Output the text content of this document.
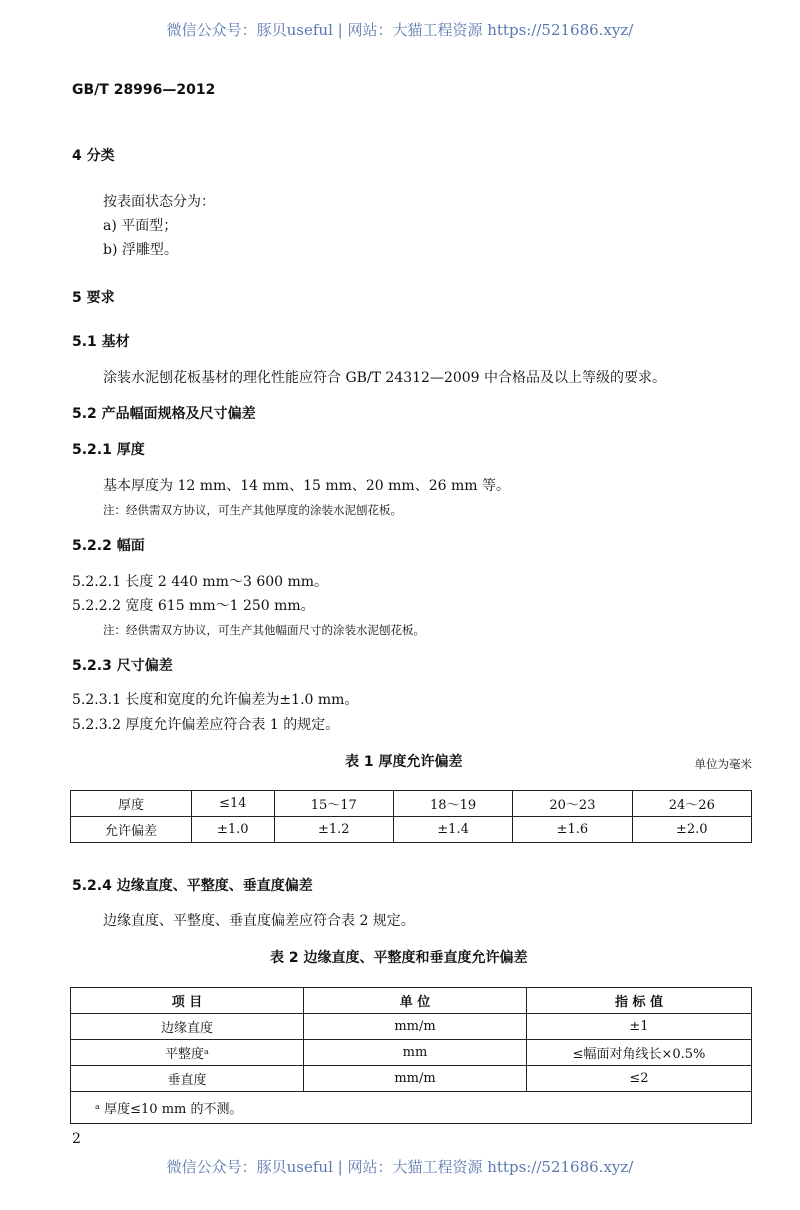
微信公众号：豚贝useful | 网站：大猫工程资源 https://521686.xyz/
GB/T 28996—2012
4 分类
按表面状态分为：
a) 平面型；
b) 浮雕型。
5 要求
5.1 基材
涂装水泥刨花板基材的理化性能应符合 GB/T 24312—2009 中合格品及以上等级的要求。
5.2 产品幅面规格及尺寸偏差
5.2.1 厚度
基本厚度为 12 mm、14 mm、15 mm、20 mm、26 mm 等。
注：经供需双方协议，可生产其他厚度的涂装水泥刨花板。
5.2.2 幅面
5.2.2.1 长度 2 440 mm～3 600 mm。
5.2.2.2 宽度 615 mm～1 250 mm。
注：经供需双方协议，可生产其他幅面尺寸的涂装水泥刨花板。
5.2.3 尺寸偏差
5.2.3.1 长度和宽度的允许偏差为±1.0 mm。
5.2.3.2 厚度允许偏差应符合表 1 的规定。
表 1 厚度允许偏差	单位为毫米
厚度	≤14	15～17	18～19	20～23	24～26
允许偏差	±1.0	±1.2	±1.4	±1.6	±2.0
5.2.4 边缘直度、平整度、垂直度偏差
边缘直度、平整度、垂直度偏差应符合表 2 规定。
表 2 边缘直度、平整度和垂直度允许偏差
项 目	单 位	指 标 值
边缘直度	mm/m	±1
平整度ᵃ	mm	≤幅面对角线长×0.5%
垂直度	mm/m	≤2
ᵃ 厚度≤10 mm 的不测。		
2
微信公众号：豚贝useful | 网站：大猫工程资源 https://521686.xyz/
